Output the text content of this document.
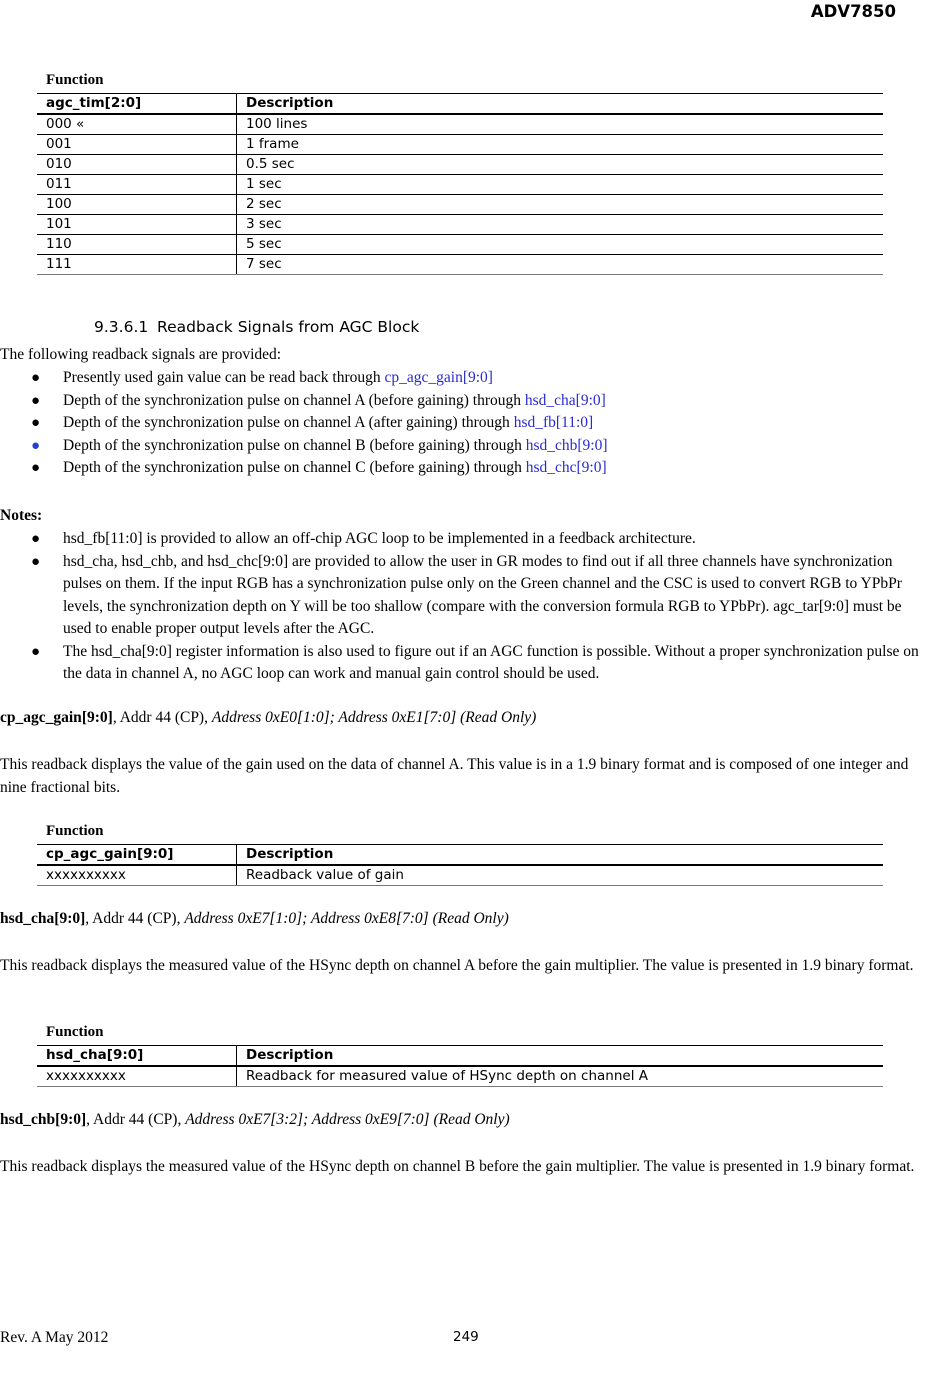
ADV7850
Function
agc_tim[2:0]	Description
000 «	100 lines
001	1 frame
010	0.5 sec
011	1 sec
100	2 sec
101	3 sec
110	5 sec
111	7 sec
9.3.6.1 Readback Signals from AGC Block
The following readback signals are provided:
● Presently used gain value can be read back through cp_agc_gain[9:0]
● Depth of the synchronization pulse on channel A (before gaining) through hsd_cha[9:0]
● Depth of the synchronization pulse on channel A (after gaining) through hsd_fb[11:0]
● Depth of the synchronization pulse on channel B (before gaining) through hsd_chb[9:0]
● Depth of the synchronization pulse on channel C (before gaining) through hsd_chc[9:0]
Notes:
● hsd_fb[11:0] is provided to allow an off-chip AGC loop to be implemented in a feedback architecture.
● hsd_cha, hsd_chb, and hsd_chc[9:0] are provided to allow the user in GR modes to find out if all three channels have synchronization pulses on them. If the input RGB has a synchronization pulse only on the Green channel and the CSC is used to convert RGB to YPbPr levels, the synchronization depth on Y will be too shallow (compare with the conversion formula RGB to YPbPr). agc_tar[9:0] must be used to enable proper output levels after the AGC.
● The hsd_cha[9:0] register information is also used to figure out if an AGC function is possible. Without a proper synchronization pulse on the data in channel A, no AGC loop can work and manual gain control should be used.
cp_agc_gain[9:0], Addr 44 (CP), Address 0xE0[1:0]; Address 0xE1[7:0] (Read Only)
This readback displays the value of the gain used on the data of channel A. This value is in a 1.9 binary format and is composed of one integer and nine fractional bits.
Function
cp_agc_gain[9:0]	Description
xxxxxxxxxx	Readback value of gain
hsd_cha[9:0], Addr 44 (CP), Address 0xE7[1:0]; Address 0xE8[7:0] (Read Only)
This readback displays the measured value of the HSync depth on channel A before the gain multiplier. The value is presented in 1.9 binary format.
Function
hsd_cha[9:0]	Description
xxxxxxxxxx	Readback for measured value of HSync depth on channel A
hsd_chb[9:0], Addr 44 (CP), Address 0xE7[3:2]; Address 0xE9[7:0] (Read Only)
This readback displays the measured value of the HSync depth on channel B before the gain multiplier. The value is presented in 1.9 binary format.
Rev. A May 2012	249
